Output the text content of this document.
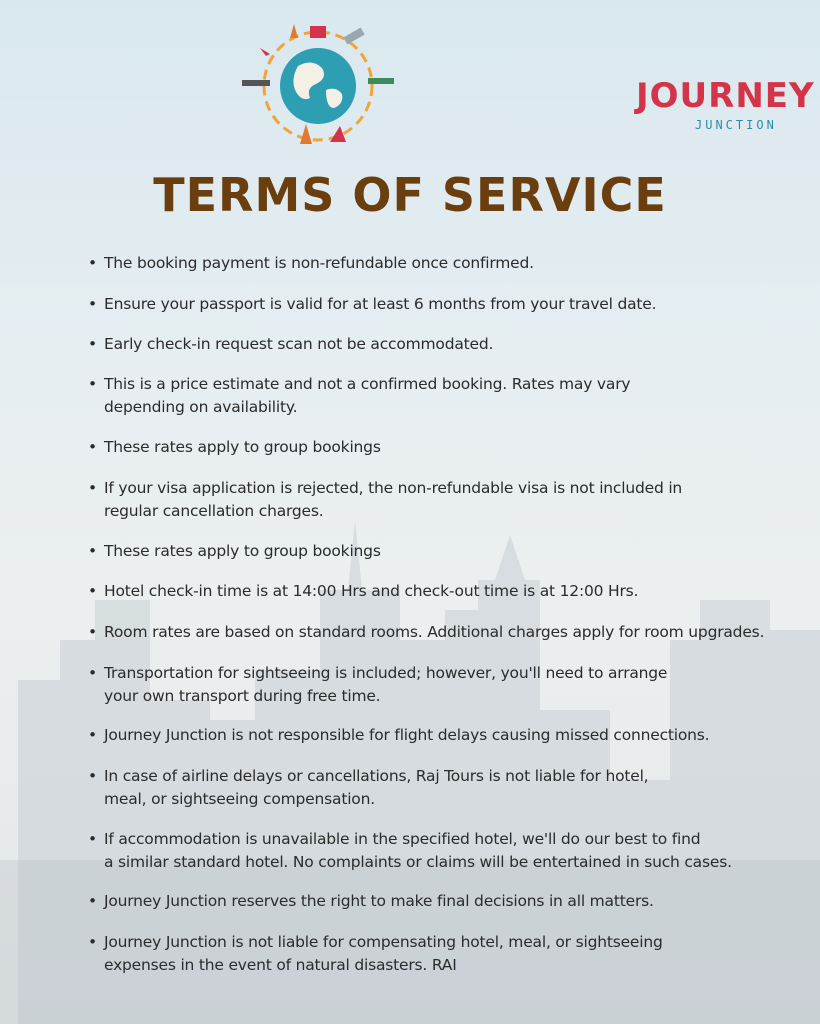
JOURNEY
JUNCTION
TERMS OF SERVICE
• The booking payment is non-refundable once confirmed.
• Ensure your passport is valid for at least 6 months from your travel date.
• Early check-in request scan not be accommodated.
• This is a price estimate and not a confirmed booking. Rates may vary
depending on availability.
• These rates apply to group bookings
• If your visa application is rejected, the non-refundable visa is not included in
regular cancellation charges.
• These rates apply to group bookings
• Hotel check-in time is at 14:00 Hrs and check-out time is at 12:00 Hrs.
• Room rates are based on standard rooms. Additional charges apply for room upgrades.
• Transportation for sightseeing is included; however, you'll need to arrange
your own transport during free time.
• Journey Junction is not responsible for flight delays causing missed connections.
• In case of airline delays or cancellations, Raj Tours is not liable for hotel,
meal, or sightseeing compensation.
• If accommodation is unavailable in the specified hotel, we'll do our best to find
a similar standard hotel. No complaints or claims will be entertained in such cases.
• Journey Junction reserves the right to make final decisions in all matters.
• Journey Junction is not liable for compensating hotel, meal, or sightseeing
expenses in the event of natural disasters. RAI
